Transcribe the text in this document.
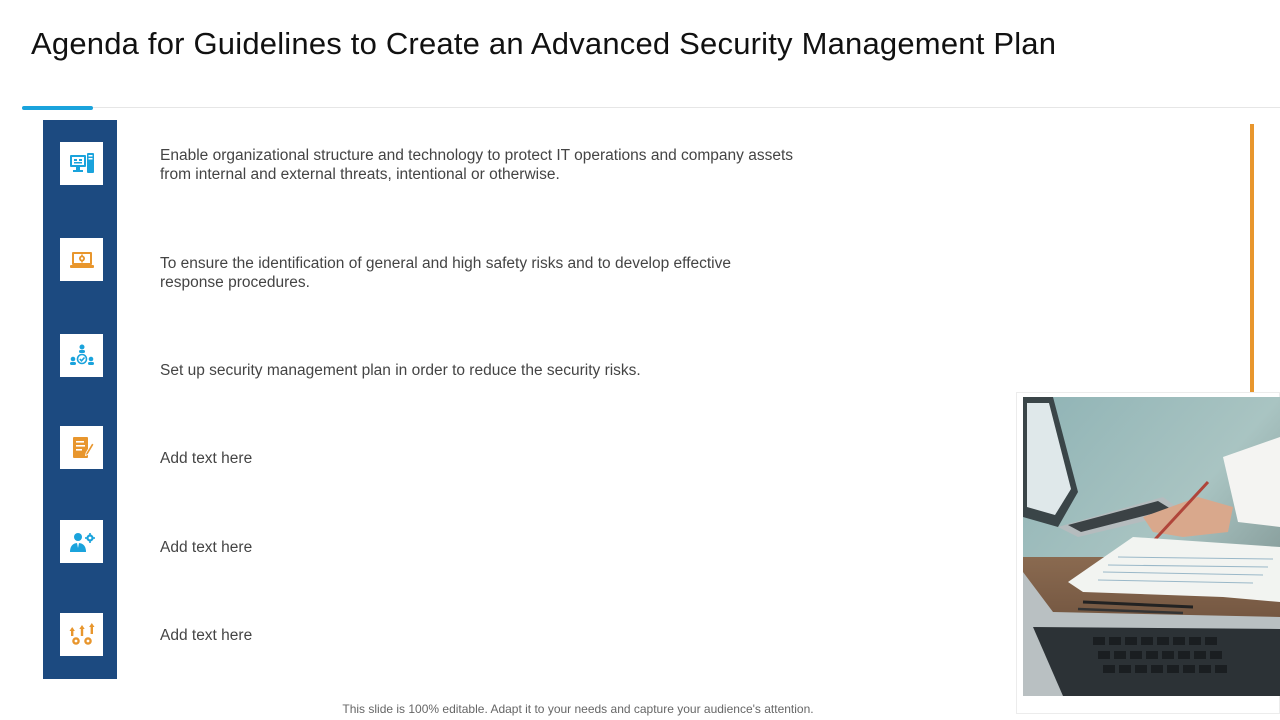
Agenda for Guidelines to Create an Advanced Security Management Plan

Enable organizational structure and technology to protect IT operations and company assets from internal and external threats, intentional or otherwise.

To ensure the identification of general and high safety risks and to develop effective response procedures.

Set up security management plan in order to reduce the security risks.

Add text here

Add text here

Add text here

This slide is 100% editable. Adapt it to your needs and capture your audience's attention.
